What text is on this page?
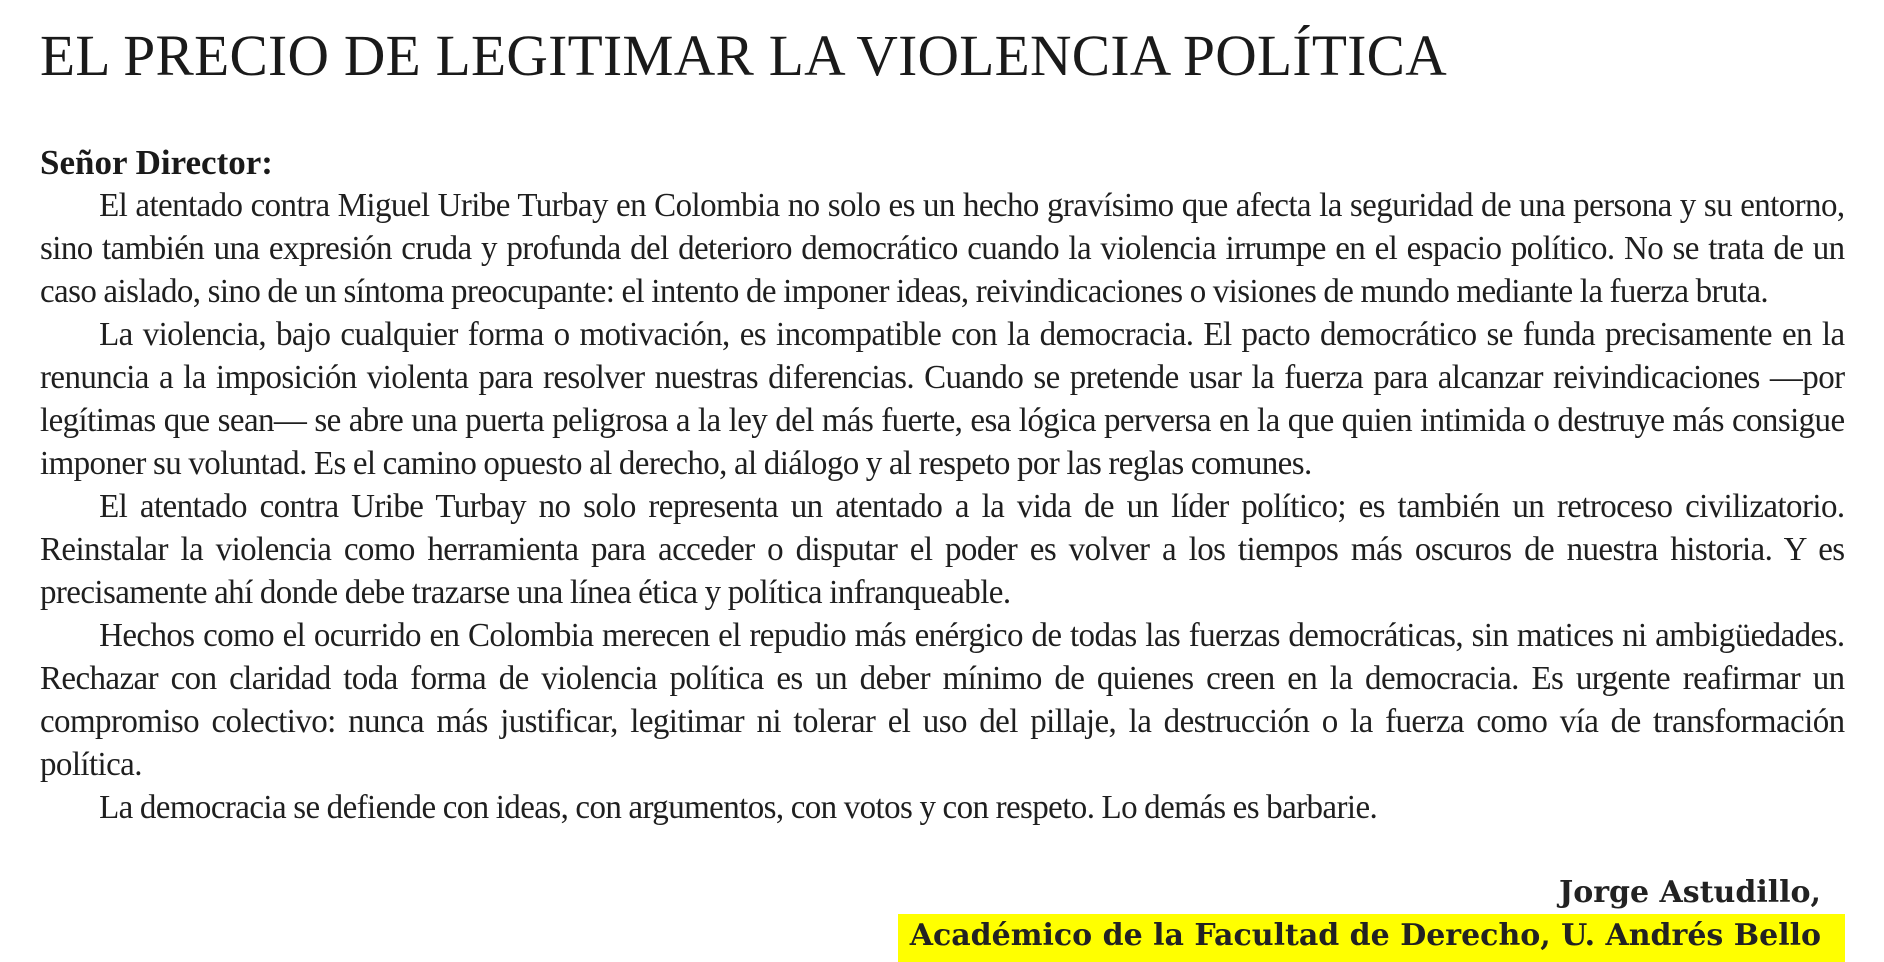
EL PRECIO DE LEGITIMAR LA VIOLENCIA POLÍTICA
Señor Director:

El atentado contra Miguel Uribe Turbay en Colombia no solo es un hecho gravísimo que afecta la seguridad de una persona y su entorno, sino también una expresión cruda y profunda del deterioro democrático cuando la violencia irrumpe en el espacio político. No se trata de un caso aislado, sino de un síntoma preocupante: el intento de imponer ideas, reivindicaciones o visiones de mundo mediante la fuerza bruta.

La violencia, bajo cualquier forma o motivación, es incompatible con la democracia. El pacto democrático se funda precisamente en la renuncia a la imposición violenta para resolver nuestras diferencias. Cuando se pretende usar la fuerza para alcanzar reivindicaciones —por legítimas que sean— se abre una puerta peligrosa a la ley del más fuerte, esa lógica perversa en la que quien intimida o destruye más consigue imponer su voluntad. Es el camino opuesto al derecho, al diálogo y al respeto por las reglas comunes.

El atentado contra Uribe Turbay no solo representa un atentado a la vida de un líder político; es también un retroceso civilizatorio. Reinstalar la violencia como herramienta para acceder o disputar el poder es volver a los tiempos más oscuros de nuestra historia. Y es precisamente ahí donde debe trazarse una línea ética y política infranqueable.

Hechos como el ocurrido en Colombia merecen el repudio más enérgico de todas las fuerzas democráticas, sin matices ni ambigüedades. Rechazar con claridad toda forma de violencia política es un deber mínimo de quienes creen en la democracia. Es urgente reafirmar un compromiso colectivo: nunca más justificar, legitimar ni tolerar el uso del pillaje, la destrucción o la fuerza como vía de transformación política.

La democracia se defiende con ideas, con argumentos, con votos y con respeto. Lo demás es barbarie.

Jorge Astudillo,
Académico de la Facultad de Derecho, U. Andrés Bello
